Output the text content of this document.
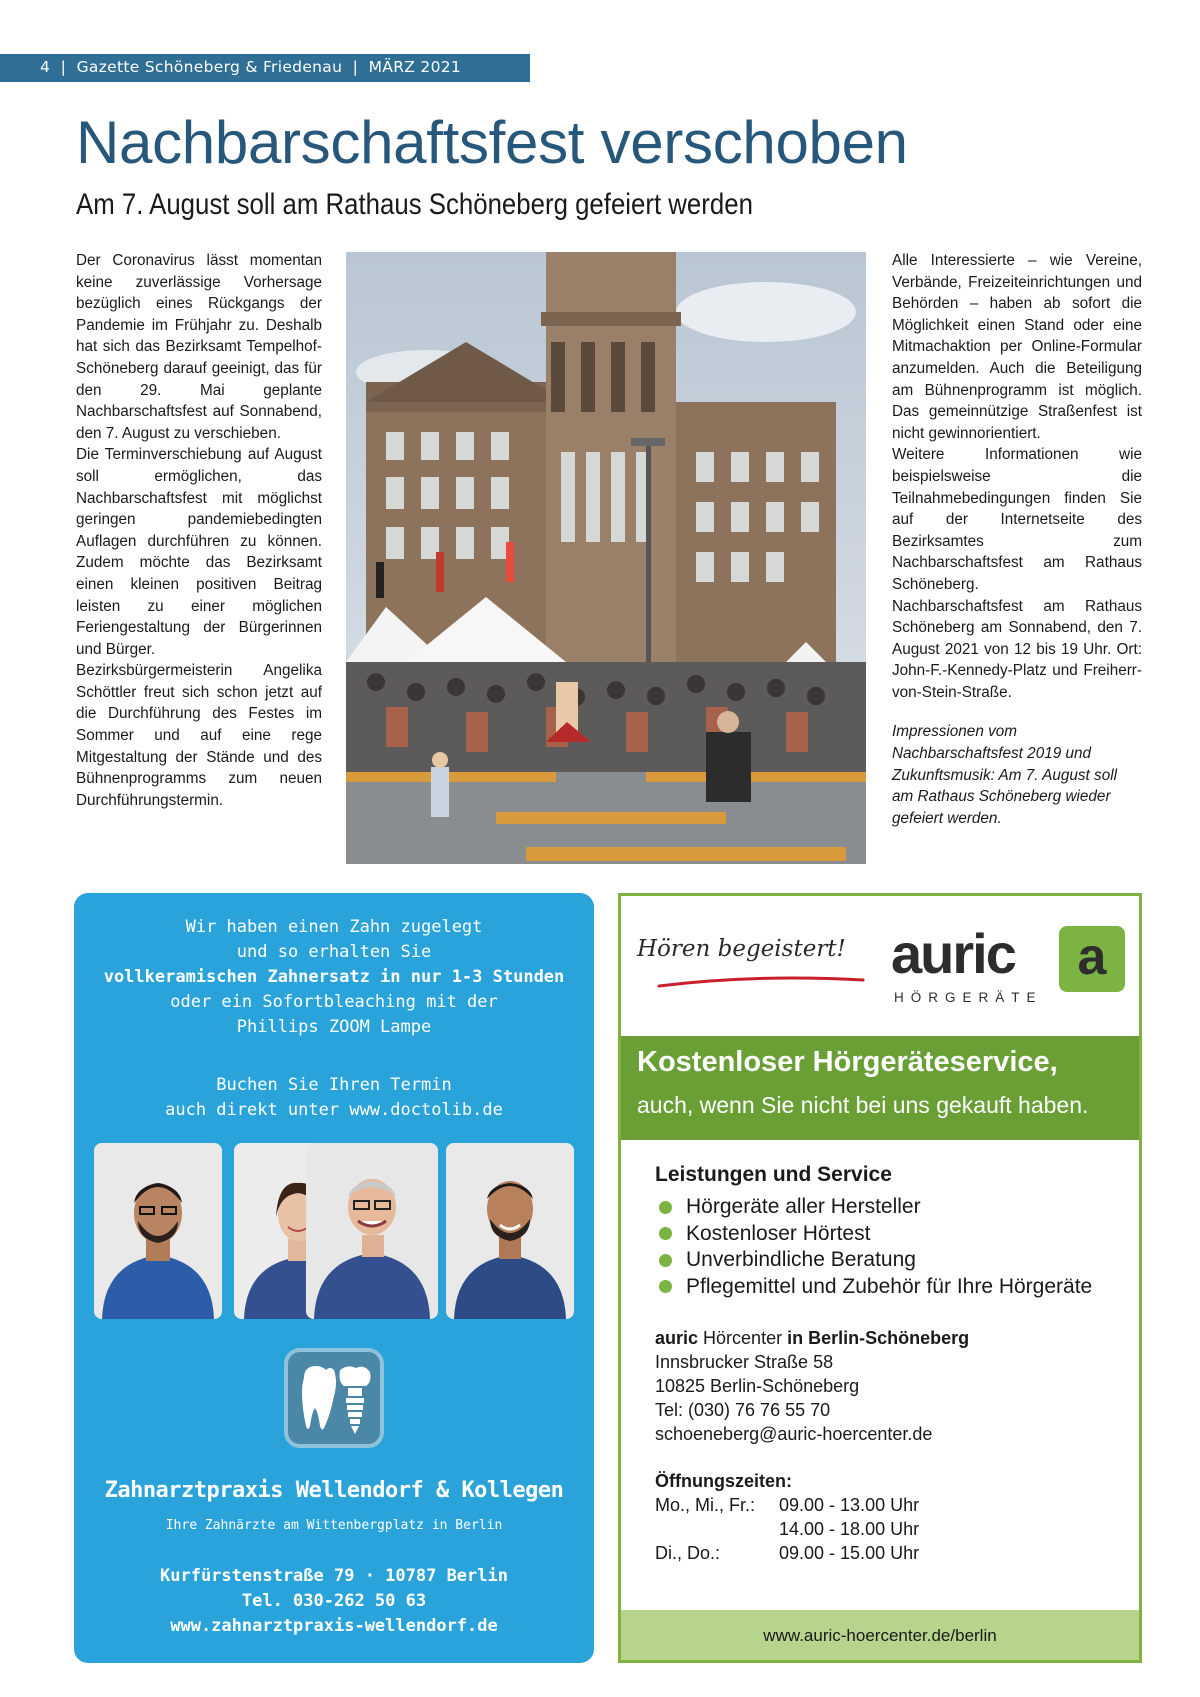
4  |  Gazette Schöneberg & Friedenau  |  MÄRZ 2021
Nachbarschaftsfest verschoben
Am 7. August soll am Rathaus Schöneberg gefeiert werden

Der Coronavirus lässt momentan keine zuverlässige Vorhersage bezüglich eines Rückgangs der Pandemie im Frühjahr zu. Deshalb hat sich das Bezirksamt Tempelhof-Schöneberg darauf geeinigt, das für den 29. Mai geplante Nachbarschaftsfest auf Sonnabend, den 7. August zu verschieben.

Die Terminverschiebung auf August soll ermöglichen, das Nachbarschaftsfest mit möglichst geringen pandemiebedingten Auflagen durchführen zu können. Zudem möchte das Bezirksamt einen kleinen positiven Beitrag leisten zu einer möglichen Feriengestaltung der Bürgerinnen und Bürger.

Bezirksbürgermeisterin Angelika Schöttler freut sich schon jetzt auf die Durchführung des Festes im Sommer und auf eine rege Mitgestaltung der Stände und des Bühnenprogramms zum neuen Durchführungstermin.

Alle Interessierte – wie Vereine, Verbände, Freizeiteinrichtungen und Behörden – haben ab sofort die Möglichkeit einen Stand oder eine Mitmachaktion per Online-Formular anzumelden. Auch die Beteiligung am Bühnenprogramm ist möglich. Das gemeinnützige Straßenfest ist nicht gewinnorientiert.

Weitere Informationen wie beispielsweise die Teilnahmebedingungen finden Sie auf der Internetseite des Bezirksamtes zum Nachbarschaftsfest am Rathaus Schöneberg.

Nachbarschaftsfest am Rathaus Schöneberg am Sonnabend, den 7. August 2021 von 12 bis 19 Uhr. Ort: John-F.-Kennedy-Platz und Freiherr-von-Stein-Straße.

Impressionen vom Nachbarschaftsfest 2019 und Zukunftsmusik: Am 7. August soll am Rathaus Schöneberg wieder gefeiert werden.

Wir haben einen Zahn zugelegt
und so erhalten Sie
vollkeramischen Zahnersatz in nur 1-3 Stunden
oder ein Sofortbleaching mit der
Phillips ZOOM Lampe
Buchen Sie Ihren Termin
auch direkt unter www.doctolib.de
Zahnarztpraxis Wellendorf & Kollegen
Ihre Zahnärzte am Wittenbergplatz in Berlin
Kurfürstenstraße 79 · 10787 Berlin
Tel. 030-262 50 63
www.zahnarztpraxis-wellendorf.de
Hören begeistert! auric
HÖRGERÄTE
a
Kostenloser Hörgeräteservice,
auch, wenn Sie nicht bei uns gekauft haben.
Leistungen und Service
Hörgeräte aller Hersteller
Kostenloser Hörtest
Unverbindliche Beratung
Pflegemittel und Zubehör für Ihre Hörgeräte
auric Hörcenter in Berlin-Schöneberg
Innsbrucker Straße 58
10825 Berlin-Schöneberg
Tel: (030) 76 76 55 70
schoeneberg@auric-hoercenter.de
Öffnungszeiten:
Mo., Mi., Fr.:	09.00 - 13.00 Uhr
	14.00 - 18.00 Uhr
Di., Do.:	09.00 - 15.00 Uhr
www.auric-hoercenter.de/berlin
